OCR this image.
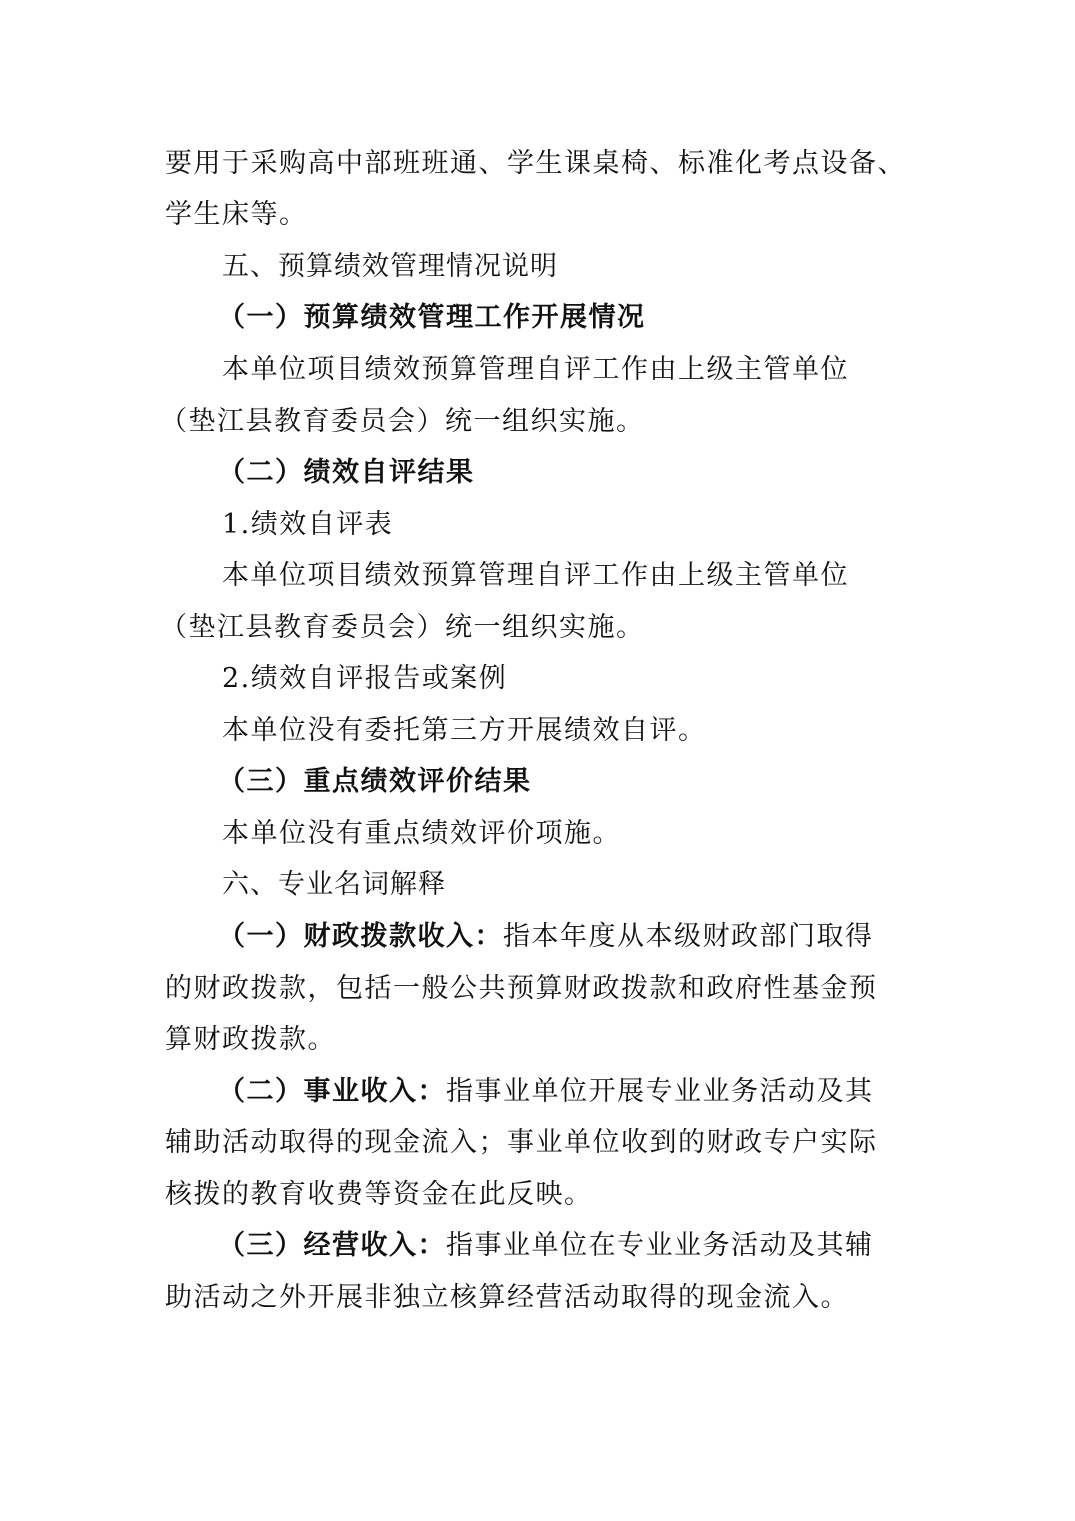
要用于采购高中部班班通、学生课桌椅、标准化考点设备、
学生床等。
五、预算绩效管理情况说明
（一）预算绩效管理工作开展情况
本单位项目绩效预算管理自评工作由上级主管单位
（垫江县教育委员会）统一组织实施。
（二）绩效自评结果
1.绩效自评表
本单位项目绩效预算管理自评工作由上级主管单位
（垫江县教育委员会）统一组织实施。
2.绩效自评报告或案例
本单位没有委托第三方开展绩效自评。
（三）重点绩效评价结果
本单位没有重点绩效评价项施。
六、专业名词解释
（一）财政拨款收入：指本年度从本级财政部门取得
的财政拨款，包括一般公共预算财政拨款和政府性基金预
算财政拨款。
（二）事业收入：指事业单位开展专业业务活动及其
辅助活动取得的现金流入；事业单位收到的财政专户实际
核拨的教育收费等资金在此反映。
（三）经营收入：指事业单位在专业业务活动及其辅
助活动之外开展非独立核算经营活动取得的现金流入。
